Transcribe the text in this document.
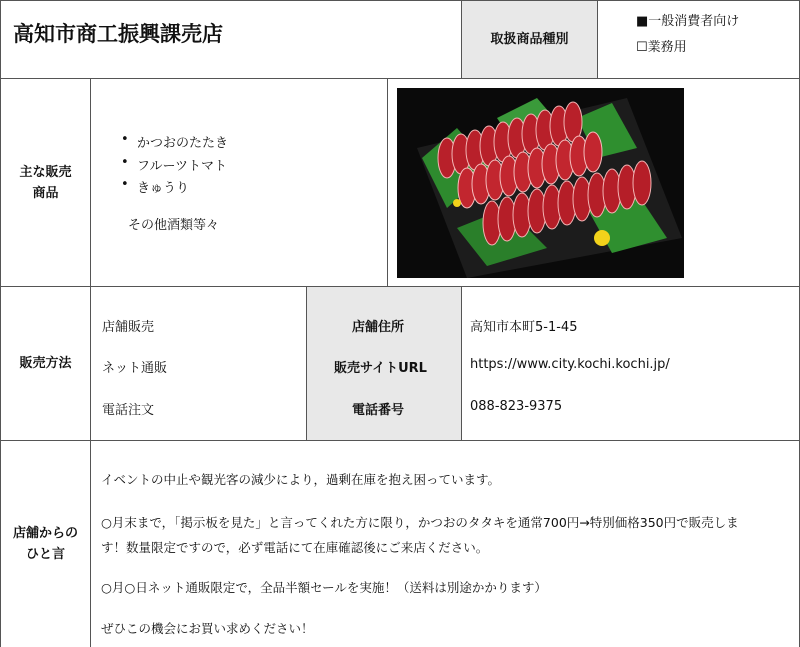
高知市商工振興課売店	取扱商品種別
■一般消費者向け
☐業務用
主な販売
商品
• かつおのたたき
• フルーツトマト
• きゅうり
その他酒類等々
販売方法
店舗販売
ネット通販
電話注文
店舗住所
販売サイトURL
電話番号
高知市本町5-1-45
https://www.city.kochi.kochi.jp/
088-823-9375
店舗からの
ひと言
イベントの中止や観光客の減少により，過剰在庫を抱え困っています。
○月末まで，「掲示板を見た」と言ってくれた方に限り，かつおのタタキを通常700円→特別価格350円で販売しま
す！数量限定ですので，必ず電話にて在庫確認後にご来店ください。
○月○日ネット通販限定で，全品半額セールを実施！（送料は別途かかります）
ぜひこの機会にお買い求めください！
